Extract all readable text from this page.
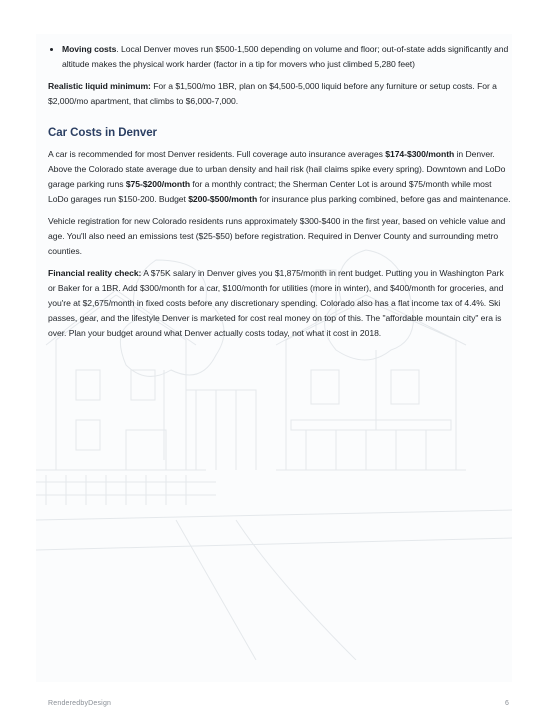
• Moving costs. Local Denver moves run $500-1,500 depending on volume and floor; out-of-state adds significantly and altitude makes the physical work harder (factor in a tip for movers who just climbed 5,280 feet)

Realistic liquid minimum: For a $1,500/mo 1BR, plan on $4,500-5,000 liquid before any furniture or setup costs. For a $2,000/mo apartment, that climbs to $6,000-7,000.

Car Costs in Denver

A car is recommended for most Denver residents. Full coverage auto insurance averages $174-$300/month in Denver. Above the Colorado state average due to urban density and hail risk (hail claims spike every spring). Downtown and LoDo garage parking runs $75-$200/month for a monthly contract; the Sherman Center Lot is around $75/month while most LoDo garages run $150-200. Budget $200-$500/month for insurance plus parking combined, before gas and maintenance.

Vehicle registration for new Colorado residents runs approximately $300-$400 in the first year, based on vehicle value and age. You'll also need an emissions test ($25-$50) before registration. Required in Denver County and surrounding metro counties.

Financial reality check: A $75K salary in Denver gives you $1,875/month in rent budget. Putting you in Washington Park or Baker for a 1BR. Add $300/month for a car, $100/month for utilities (more in winter), and $400/month for groceries, and you're at $2,675/month in fixed costs before any discretionary spending. Colorado also has a flat income tax of 4.4%. Ski passes, gear, and the lifestyle Denver is marketed for cost real money on top of this. The "affordable mountain city" era is over. Plan your budget around what Denver actually costs today, not what it cost in 2018.

RenderedbyDesign	6
